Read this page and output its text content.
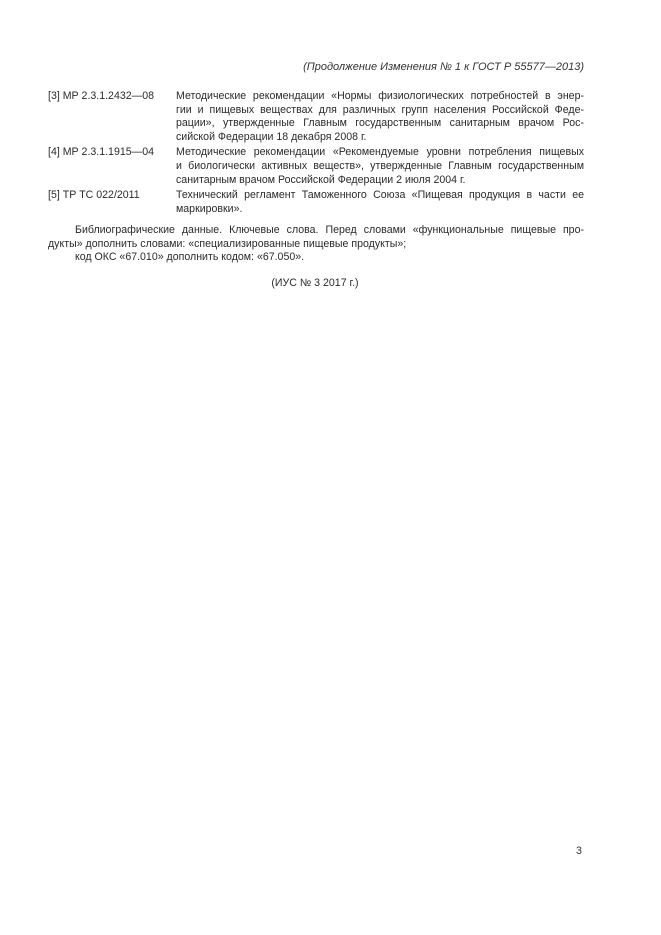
(Продолжение Изменения № 1 к ГОСТ Р 55577—2013)
[3] МР 2.3.1.2432—08	Методические рекомендации «Нормы физиологических потребностей в энер-
гии и пищевых веществах для различных групп населения Российской Феде-
рации», утвержденные Главным государственным санитарным врачом Рос-
сийской Федерации 18 декабря 2008 г.
[4] МР 2.3.1.1915—04	Методические рекомендации «Рекомендуемые уровни потребления пищевых
и биологически активных веществ», утвержденные Главным государственным
санитарным врачом Российской Федерации 2 июля 2004 г.
[5] ТР ТС 022/2011	Технический регламент Таможенного Союза «Пищевая продукция в части ее
маркировки».
Библиографические данные. Ключевые слова. Перед словами «функциональные пищевые про-
дукты» дополнить словами: «специализированные пищевые продукты»;
код ОКС «67.010» дополнить кодом: «67.050».
(ИУС № 3 2017 г.)
3
